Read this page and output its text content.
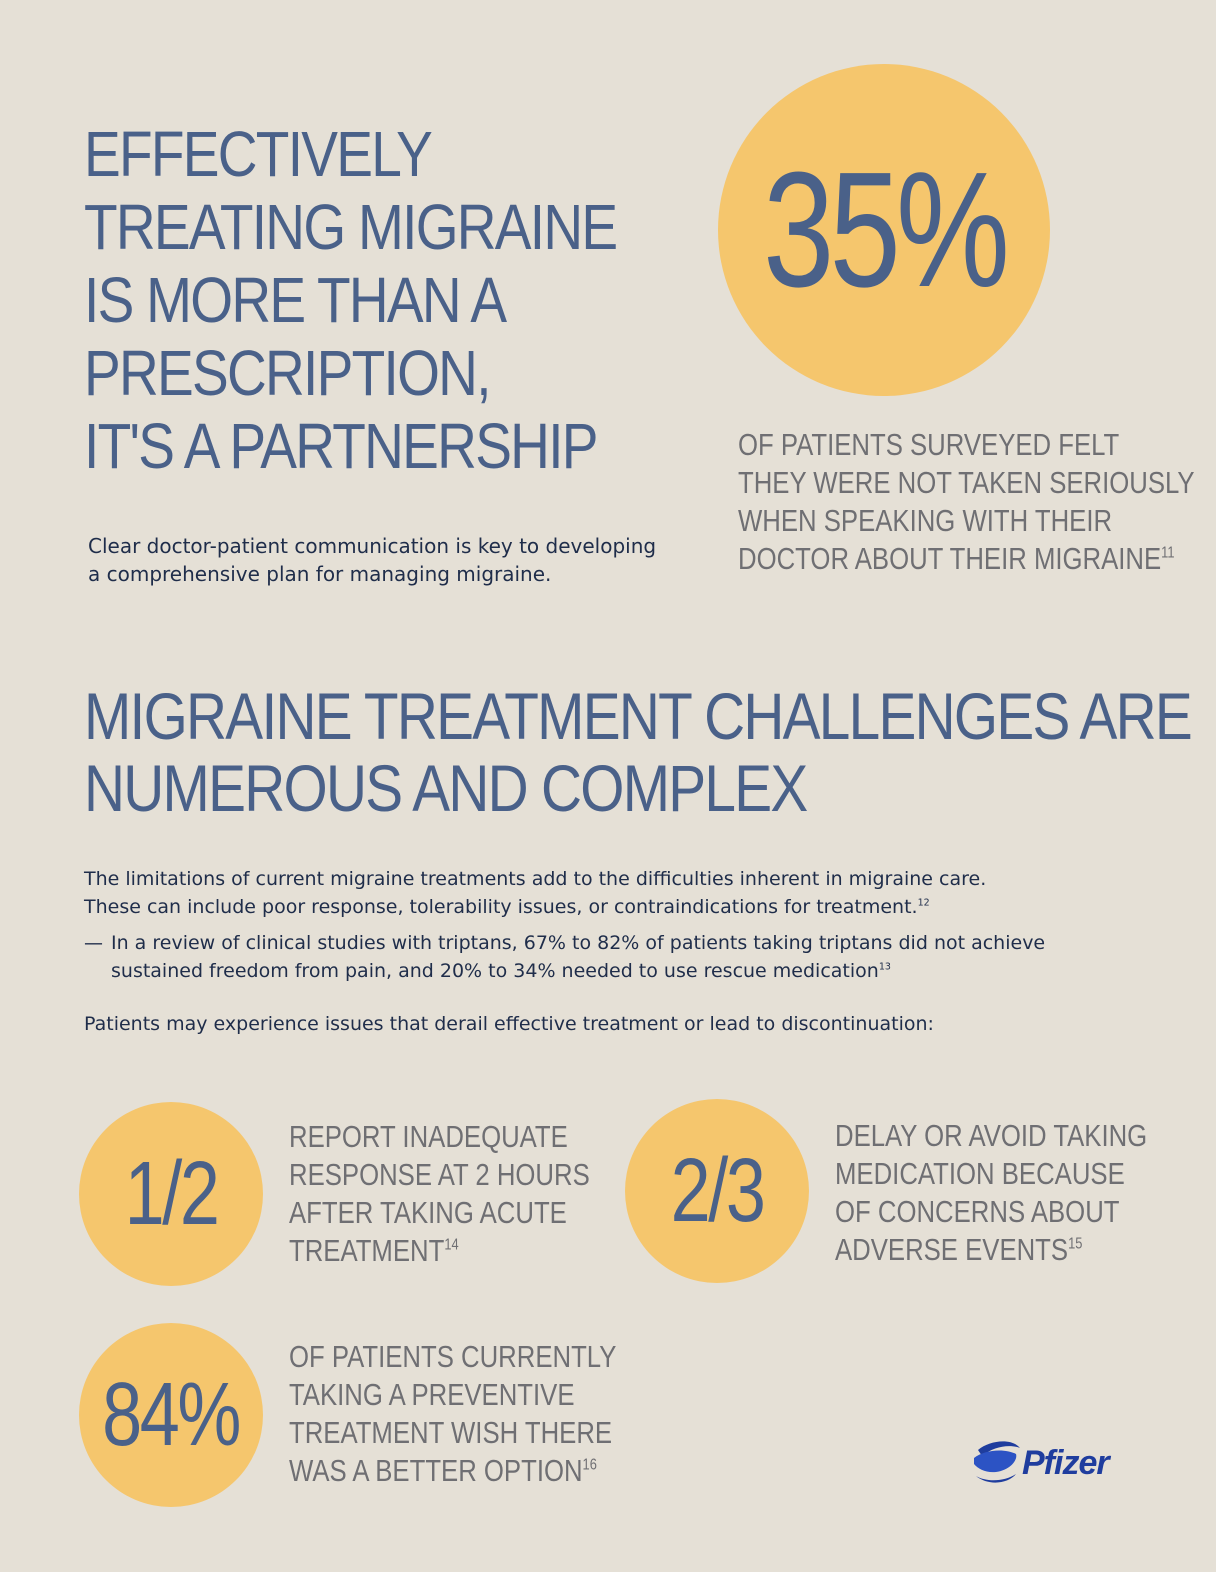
EFFECTIVELY
TREATING MIGRAINE
IS MORE THAN A
PRESCRIPTION,
IT'S A PARTNERSHIP
Clear doctor-patient communication is key to developing
a comprehensive plan for managing migraine.
35%
OF PATIENTS SURVEYED FELT
THEY WERE NOT TAKEN SERIOUSLY
WHEN SPEAKING WITH THEIR
DOCTOR ABOUT THEIR MIGRAINE$^{11}$
MIGRAINE TREATMENT CHALLENGES ARE
NUMEROUS AND COMPLEX
The limitations of current migraine treatments add to the difficulties inherent in migraine care.
These can include poor response, tolerability issues, or contraindications for treatment.$^{12}$
— In a review of clinical studies with triptans, 67% to 82% of patients taking triptans did not achieve
sustained freedom from pain, and 20% to 34% needed to use rescue medication$^{13}$
Patients may experience issues that derail effective treatment or lead to discontinuation:
1/2
REPORT INADEQUATE
RESPONSE AT 2 HOURS
AFTER TAKING ACUTE
TREATMENT$^{14}$
2/3
DELAY OR AVOID TAKING
MEDICATION BECAUSE
OF CONCERNS ABOUT
ADVERSE EVENTS$^{15}$
84%
OF PATIENTS CURRENTLY
TAKING A PREVENTIVE
TREATMENT WISH THERE
WAS A BETTER OPTION$^{16}$	Pfizer
